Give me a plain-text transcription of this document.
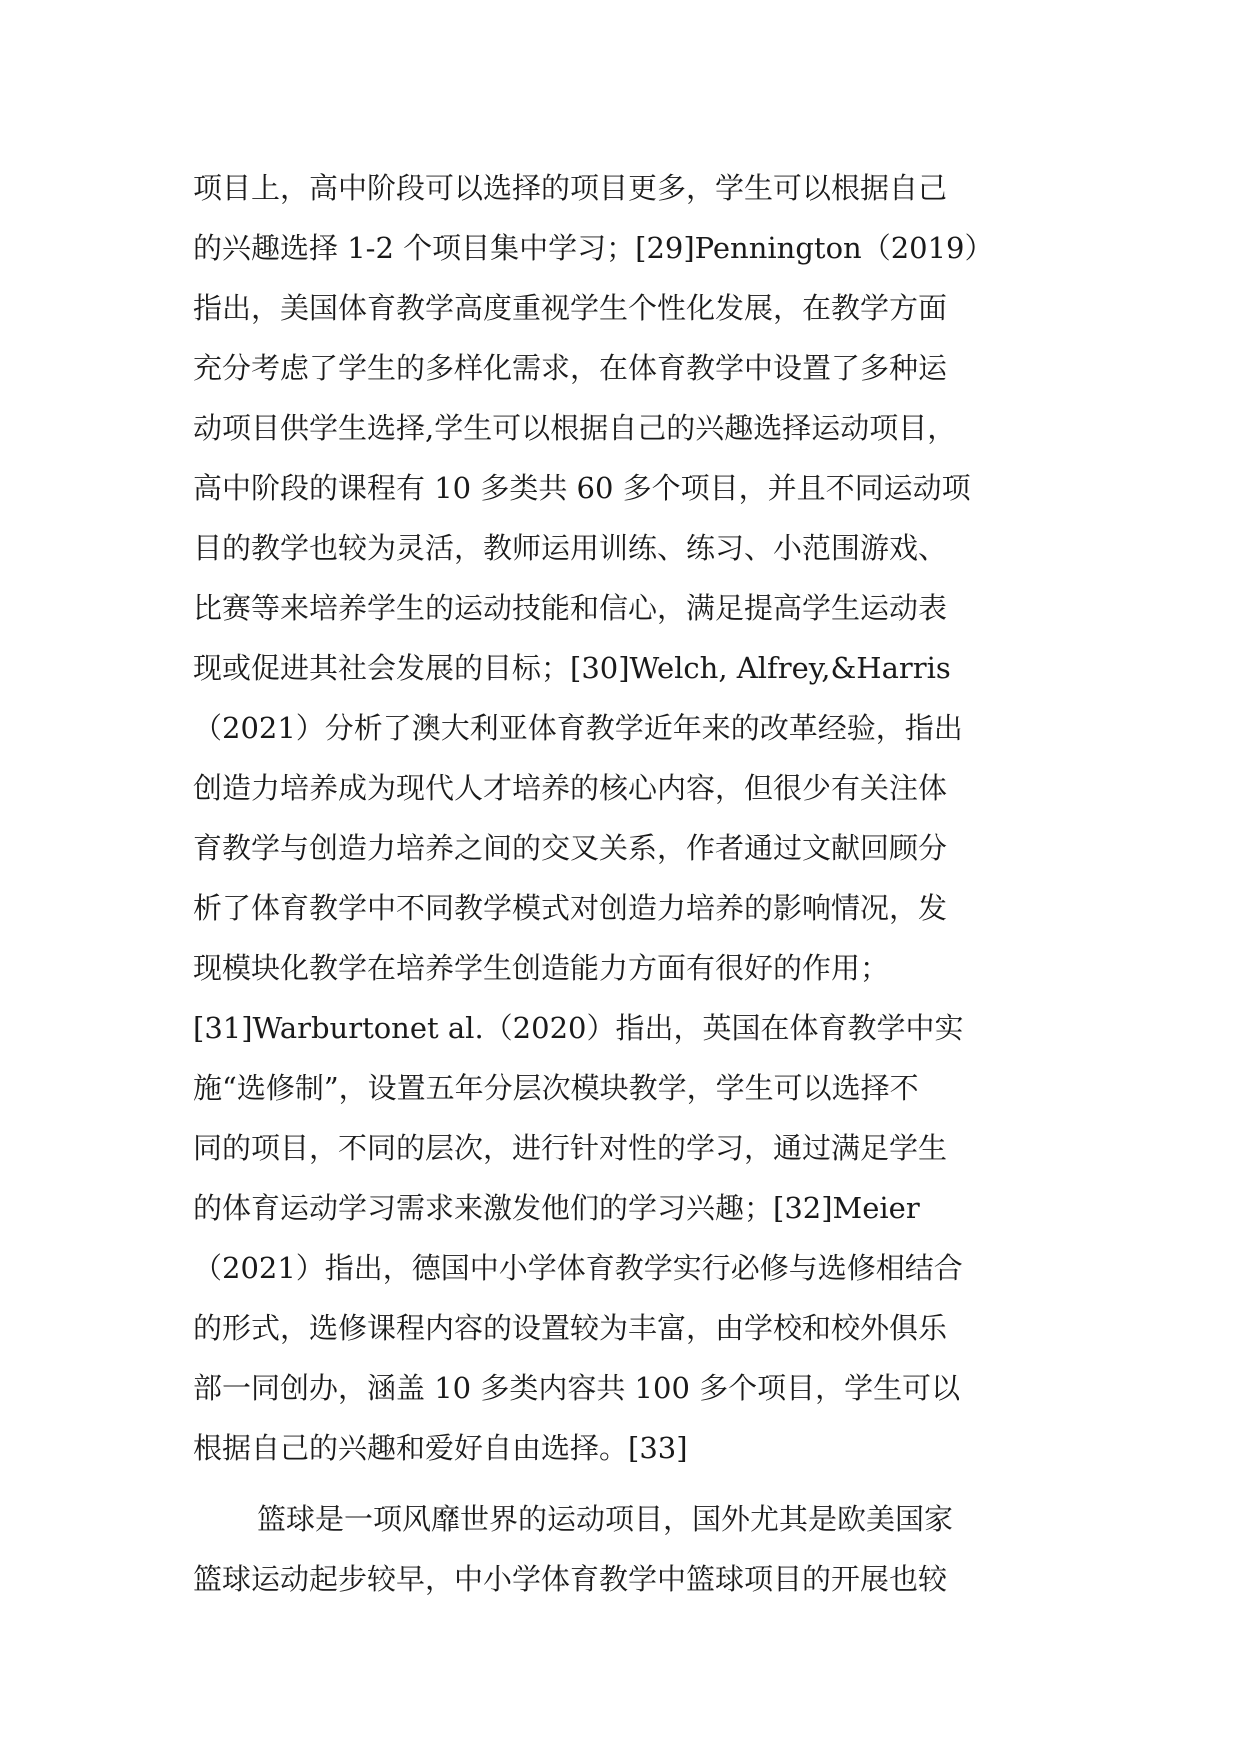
项目上，高中阶段可以选择的项目更多，学生可以根据自己
的兴趣选择 1-2 个项目集中学习；[29]Pennington（2019）
指出，美国体育教学高度重视学生个性化发展，在教学方面
充分考虑了学生的多样化需求，在体育教学中设置了多种运
动项目供学生选择,学生可以根据自己的兴趣选择运动项目，
高中阶段的课程有 10 多类共 60 多个项目，并且不同运动项
目的教学也较为灵活，教师运用训练、练习、小范围游戏、
比赛等来培养学生的运动技能和信心，满足提高学生运动表
现或促进其社会发展的目标；[30]Welch, Alfrey,&Harris
（2021）分析了澳大利亚体育教学近年来的改革经验，指出
创造力培养成为现代人才培养的核心内容，但很少有关注体
育教学与创造力培养之间的交叉关系，作者通过文献回顾分
析了体育教学中不同教学模式对创造力培养的影响情况，发
现模块化教学在培养学生创造能力方面有很好的作用；
[31]Warburtonet al.（2020）指出，英国在体育教学中实
施“选修制”，设置五年分层次模块教学，学生可以选择不
同的项目，不同的层次，进行针对性的学习，通过满足学生
的体育运动学习需求来激发他们的学习兴趣；[32]Meier
（2021）指出，德国中小学体育教学实行必修与选修相结合
的形式，选修课程内容的设置较为丰富，由学校和校外俱乐
部一同创办，涵盖 10 多类内容共 100 多个项目，学生可以
根据自己的兴趣和爱好自由选择。[33]
篮球是一项风靡世界的运动项目，国外尤其是欧美国家
篮球运动起步较早，中小学体育教学中篮球项目的开展也较
